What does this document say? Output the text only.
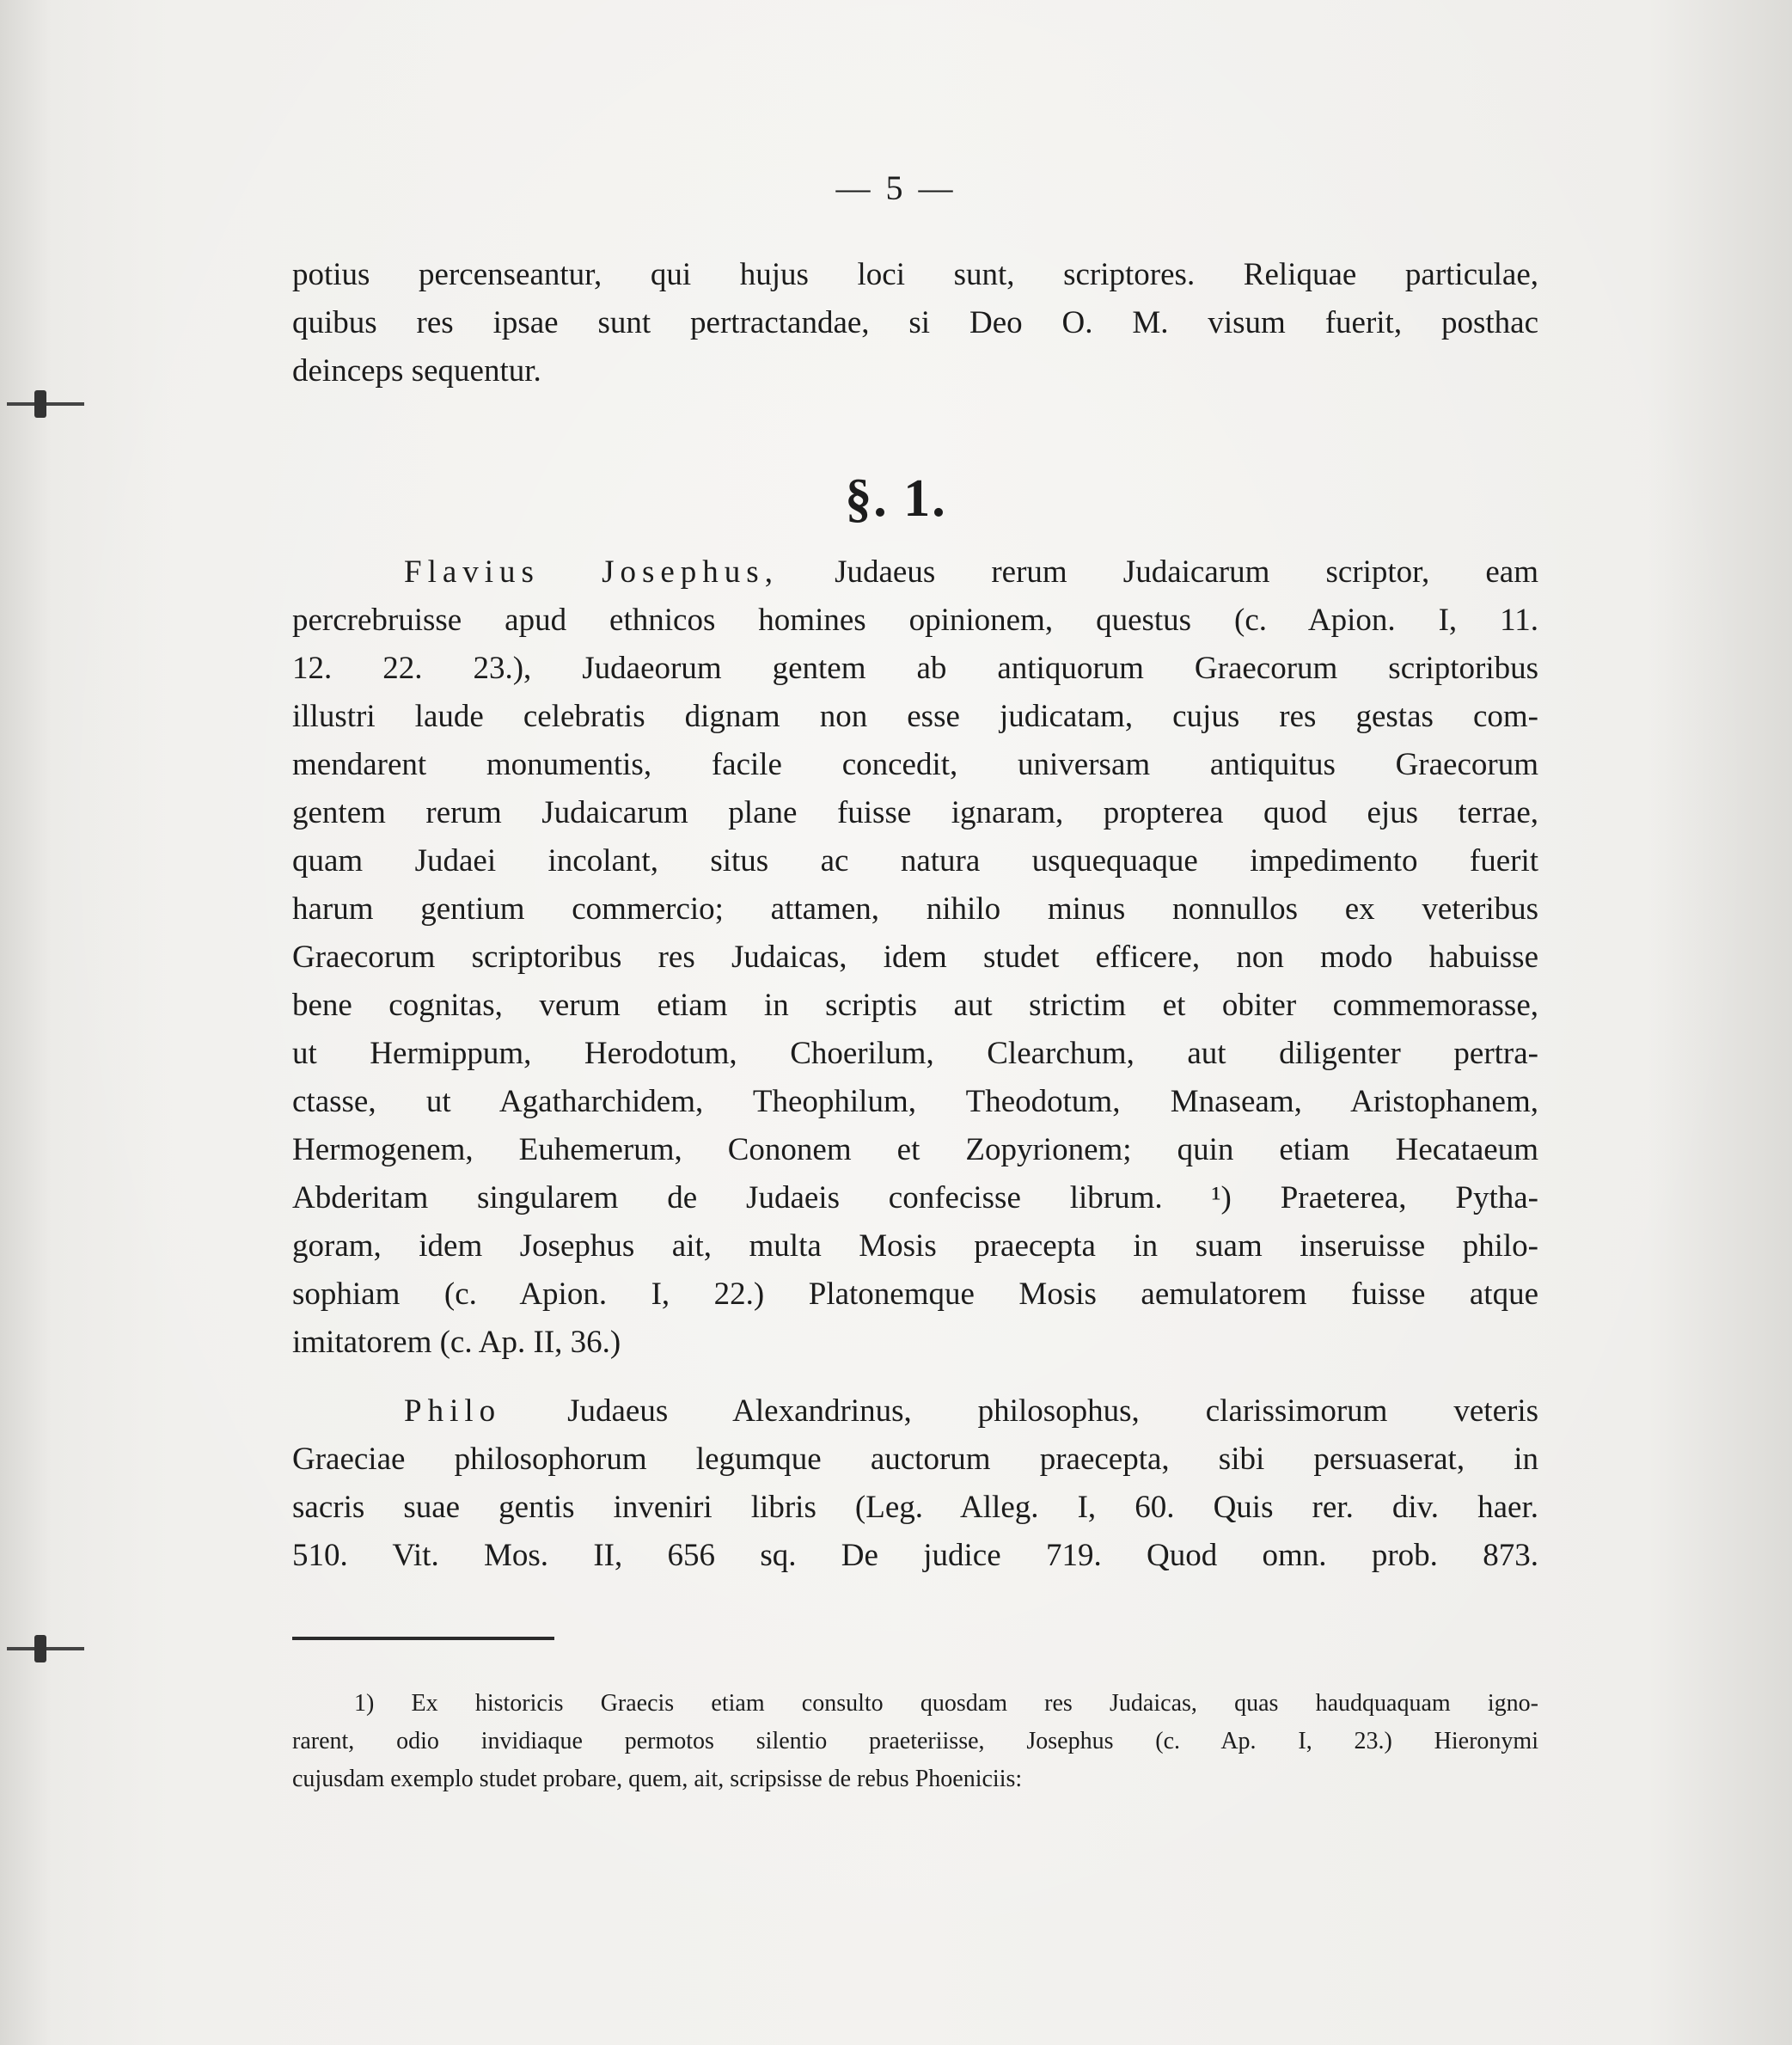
— 5 —
potius percenseantur, qui hujus loci sunt, scriptores. Reliquae particulae,
quibus res ipsae sunt pertractandae, si Deo O. M. visum fuerit, posthac
deinceps sequentur.
§. 1.
Flavius Josephus, Judaeus rerum Judaicarum scriptor, eam
percrebruisse apud ethnicos homines opinionem, questus (c. Apion. I, 11.
12. 22. 23.), Judaeorum gentem ab antiquorum Graecorum scriptoribus
illustri laude celebratis dignam non esse judicatam, cujus res gestas com-
mendarent monumentis, facile concedit, universam antiquitus Graecorum
gentem rerum Judaicarum plane fuisse ignaram, propterea quod ejus terrae,
quam Judaei incolant, situs ac natura usquequaque impedimento fuerit
harum gentium commercio; attamen, nihilo minus nonnullos ex veteribus
Graecorum scriptoribus res Judaicas, idem studet efficere, non modo habuisse
bene cognitas, verum etiam in scriptis aut strictim et obiter commemorasse,
ut Hermippum, Herodotum, Choerilum, Clearchum, aut diligenter pertra-
ctasse, ut Agatharchidem, Theophilum, Theodotum, Mnaseam, Aristophanem,
Hermogenem, Euhemerum, Cononem et Zopyrionem; quin etiam Hecataeum
Abderitam singularem de Judaeis confecisse librum. ¹) Praeterea, Pytha-
goram, idem Josephus ait, multa Mosis praecepta in suam inseruisse philo-
sophiam (c. Apion. I, 22.) Platonemque Mosis aemulatorem fuisse atque
imitatorem (c. Ap. II, 36.)
Philo Judaeus Alexandrinus, philosophus, clarissimorum veteris
Graeciae philosophorum legumque auctorum praecepta, sibi persuaserat, in
sacris suae gentis inveniri libris (Leg. Alleg. I, 60. Quis rer. div. haer.
510. Vit. Mos. II, 656 sq. De judice 719. Quod omn. prob. 873.
1) Ex historicis Graecis etiam consulto quosdam res Judaicas, quas haudquaquam igno-
rarent, odio invidiaque permotos silentio praeteriisse, Josephus (c. Ap. I, 23.) Hieronymi
cujusdam exemplo studet probare, quem, ait, scripsisse de rebus Phoeniciis:
